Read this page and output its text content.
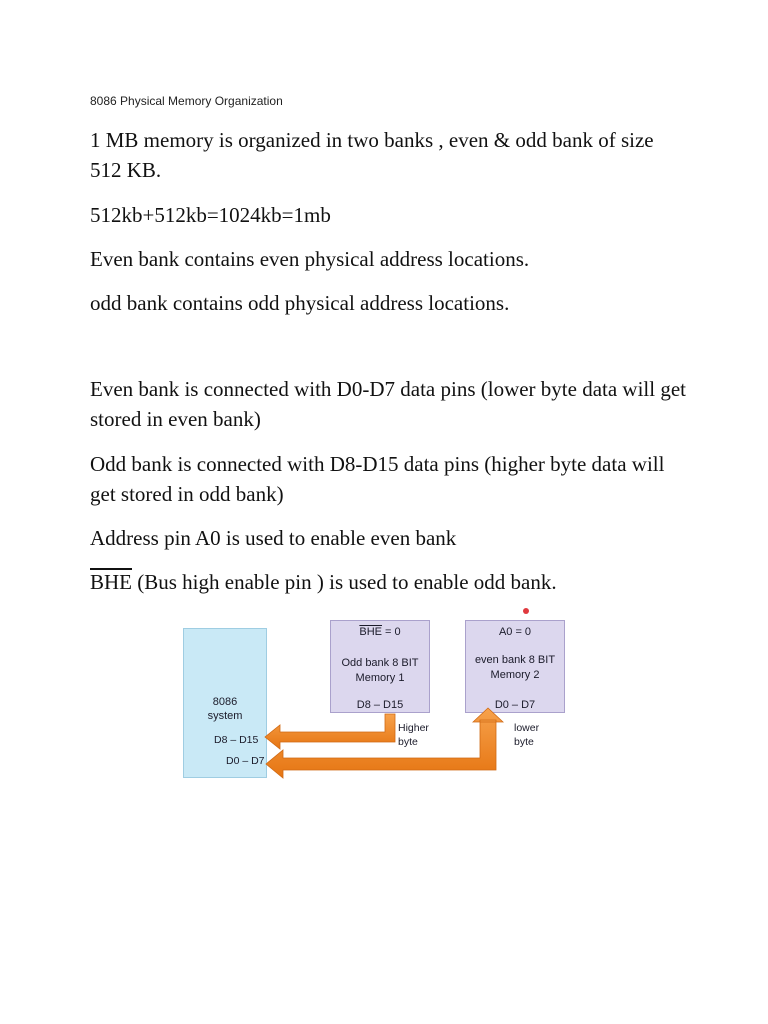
8086 Physical Memory Organization

1 MB memory is organized in two banks , even & odd bank of size 512 KB.

512kb+512kb=1024kb=1mb

Even bank contains even physical address locations.

odd bank contains odd physical address locations.

Even bank is connected with D0-D7 data pins (lower byte data will get stored in even bank)

Odd bank is connected with D8-D15 data pins (higher byte data will get stored in odd bank)

Address pin A0 is used to enable even bank

$\overline{BHE}$ (Bus high enable pin ) is used to enable odd bank.

8086
system
$\overline{BHE} = 0$
Odd bank 8 BIT
Memory 1
D8 – D15
A0 = 0
even bank 8 BIT
Memory 2
D0 – D7
D8 – D15
D0 – D7
Higher
byte
lower
byte
